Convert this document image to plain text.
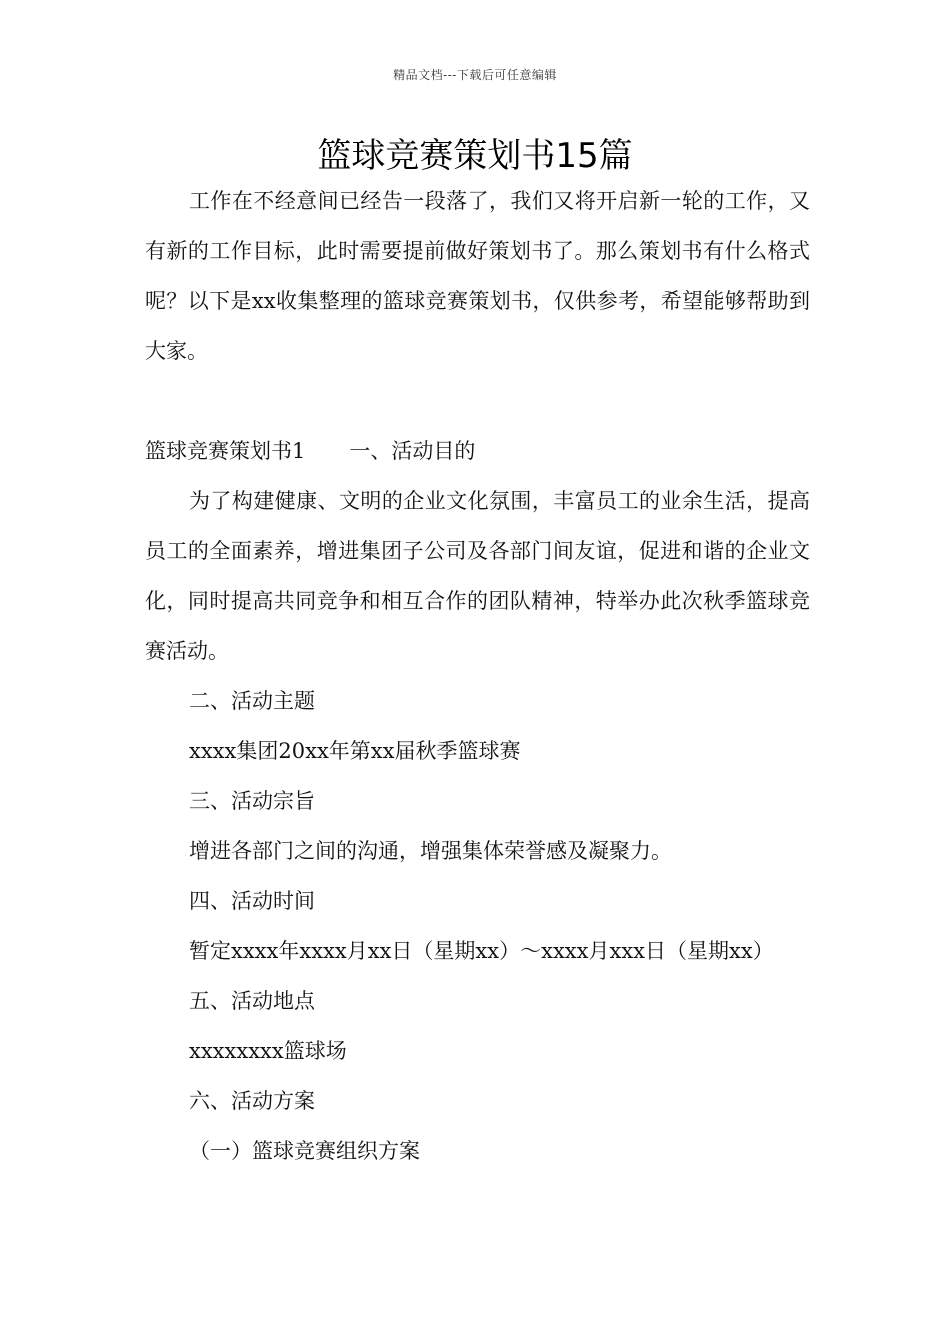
精品文档---下载后可任意编辑
篮球竞赛策划书15篇

工作在不经意间已经告一段落了，我们又将开启新一轮的工作，又有新的工作目标，此时需要提前做好策划书了。那么策划书有什么格式呢？以下是xx收集整理的篮球竞赛策划书，仅供参考，希望能够帮助到大家。

篮球竞赛策划书1 一、活动目的

为了构建健康、文明的企业文化氛围，丰富员工的业余生活，提高员工的全面素养，增进集团子公司及各部门间友谊，促进和谐的企业文化，同时提高共同竞争和相互合作的团队精神，特举办此次秋季篮球竞赛活动。

二、活动主题

xxxx集团20xx年第xx届秋季篮球赛

三、活动宗旨

增进各部门之间的沟通，增强集体荣誉感及凝聚力。

四、活动时间

暂定xxxx年xxxx月xx日（星期xx）～xxxx月xxx日（星期xx）

五、活动地点

xxxxxxxx篮球场

六、活动方案

（一）篮球竞赛组织方案
